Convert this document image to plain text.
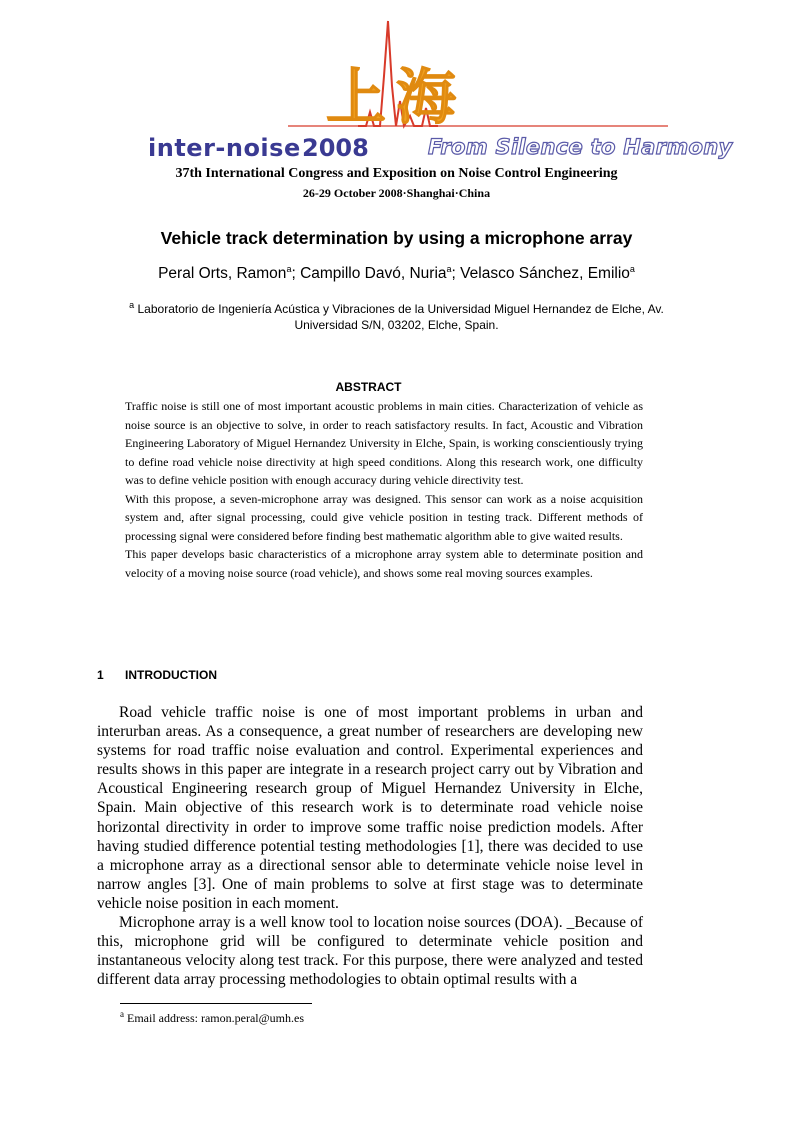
上海
inter-noise 2008	From Silence to Harmony
37th International Congress and Exposition on Noise Control Engineering
26-29 October 2008·Shanghai·China
Vehicle track determination by using a microphone array
Peral Orts, Ramon$^a$; Campillo Davó, Nuria$^a$; Velasco Sánchez, Emilio$^a$
$^a$ Laboratorio de Ingeniería Acústica y Vibraciones de la Universidad Miguel Hernandez de Elche, Av. Universidad S/N, 03202, Elche, Spain.
ABSTRACT

Traffic noise is still one of most important acoustic problems in main cities. Characterization of vehicle as noise source is an objective to solve, in order to reach satisfactory results. In fact, Acoustic and Vibration Engineering Laboratory of Miguel Hernandez University in Elche, Spain, is working conscientiously trying to define road vehicle noise directivity at high speed conditions. Along this research work, one difficulty was to define vehicle position with enough accuracy during vehicle directivity test.

With this propose, a seven-microphone array was designed. This sensor can work as a noise acquisition system and, after signal processing, could give vehicle position in testing track. Different methods of processing signal were considered before finding best mathematic algorithm able to give waited results.

This paper develops basic characteristics of a microphone array system able to determinate position and velocity of a moving noise source (road vehicle), and shows some real moving sources examples.

1 INTRODUCTION

Road vehicle traffic noise is one of most important problems in urban and interurban areas. As a consequence, a great number of researchers are developing new systems for road traffic noise evaluation and control. Experimental experiences and results shows in this paper are integrate in a research project carry out by Vibration and Acoustical Engineering research group of Miguel Hernandez University in Elche, Spain. Main objective of this research work is to determinate road vehicle noise horizontal directivity in order to improve some traffic noise prediction models. After having studied difference potential testing methodologies [1], there was decided to use a microphone array as a directional sensor able to determinate vehicle noise level in narrow angles [3]. One of main problems to solve at first stage was to determinate vehicle noise position in each moment.

Microphone array is a well know tool to location noise sources (DOA). _Because of this, microphone grid will be configured to determinate vehicle position and instantaneous velocity along test track. For this purpose, there were analyzed and tested different data array processing methodologies to obtain optimal results with a

$^a$ Email address: ramon.peral@umh.es
